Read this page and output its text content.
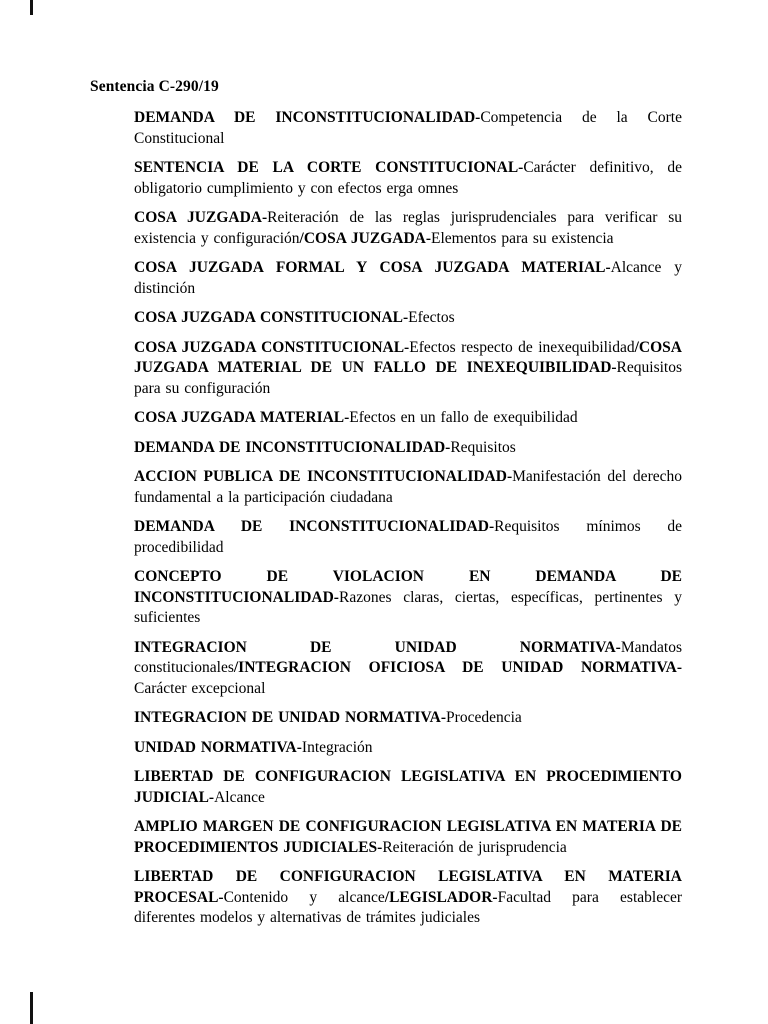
Sentencia C-290/19

DEMANDA DE INCONSTITUCIONALIDAD-Competencia de la Corte Constitucional

SENTENCIA DE LA CORTE CONSTITUCIONAL-Carácter definitivo, de obligatorio cumplimiento y con efectos erga omnes

COSA JUZGADA-Reiteración de las reglas jurisprudenciales para verificar su existencia y configuración/COSA JUZGADA-Elementos para su existencia

COSA JUZGADA FORMAL Y COSA JUZGADA MATERIAL-Alcance y distinción

COSA JUZGADA CONSTITUCIONAL-Efectos

COSA JUZGADA CONSTITUCIONAL-Efectos respecto de inexequibilidad/COSA JUZGADA MATERIAL DE UN FALLO DE INEXEQUIBILIDAD-Requisitos para su configuración

COSA JUZGADA MATERIAL-Efectos en un fallo de exequibilidad

DEMANDA DE INCONSTITUCIONALIDAD-Requisitos

ACCION PUBLICA DE INCONSTITUCIONALIDAD-Manifestación del derecho fundamental a la participación ciudadana

DEMANDA DE INCONSTITUCIONALIDAD-Requisitos mínimos de procedibilidad

CONCEPTO DE VIOLACION EN DEMANDA DE INCONSTITUCIONALIDAD-Razones claras, ciertas, específicas, pertinentes y suficientes

INTEGRACION DE UNIDAD NORMATIVA-Mandatos constitucionales/INTEGRACION OFICIOSA DE UNIDAD NORMATIVA-Carácter excepcional

INTEGRACION DE UNIDAD NORMATIVA-Procedencia

UNIDAD NORMATIVA-Integración

LIBERTAD DE CONFIGURACION LEGISLATIVA EN PROCEDIMIENTO JUDICIAL-Alcance

AMPLIO MARGEN DE CONFIGURACION LEGISLATIVA EN MATERIA DE PROCEDIMIENTOS JUDICIALES-Reiteración de jurisprudencia

LIBERTAD DE CONFIGURACION LEGISLATIVA EN MATERIA PROCESAL-Contenido y alcance/LEGISLADOR-Facultad para establecer diferentes modelos y alternativas de trámites judiciales
